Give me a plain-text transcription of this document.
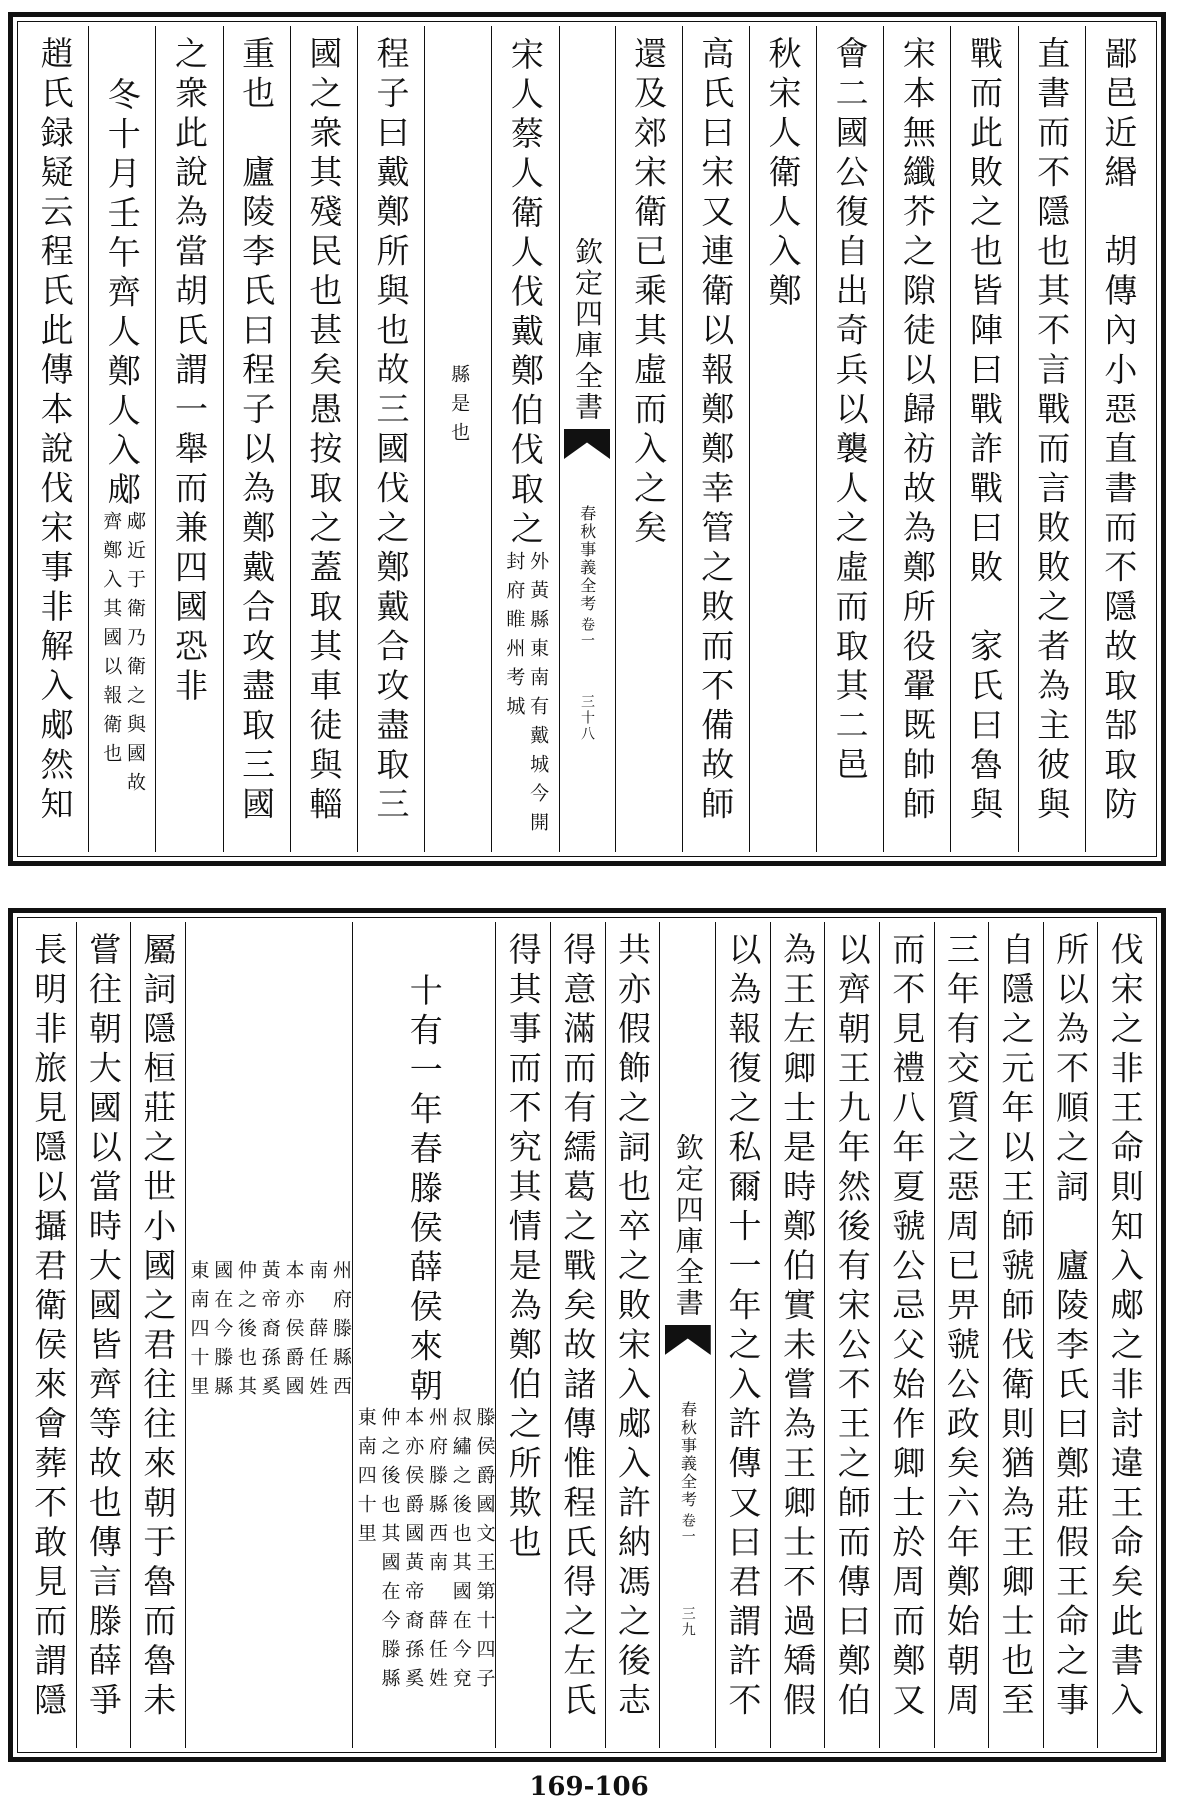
鄙邑近緡　胡傳內小惡直書而不隱故取郜取防
直書而不隱也其不言戰而言敗敗之者為主彼與
戰而此敗之也皆陣曰戰詐戰曰敗　家氏曰魯與
宋本無纖芥之隙徒以歸祊故為鄭所役翬既帥師
會二國公復自出奇兵以襲人之虛而取其二邑
秋宋人衛人入鄭
高氏曰宋又連衛以報鄭鄭幸管之敗而不備故師
還及郊宋衛已乘其虛而入之矣
欽定四庫全書
春秋事義全考
卷一
三十八
宋人蔡人衛人伐戴鄭伯伐取之
外黃縣東南有戴城今開封府睢州考城
縣是也
程子曰戴鄭所與也故三國伐之鄭戴合攻盡取三
國之衆其殘民也甚矣愚按取之蓋取其車徒與輜
重也　廬陵李氏曰程子以為鄭戴合攻盡取三國
之衆此說為當胡氏謂一舉而兼四國恐非
冬十月壬午齊人鄭人入郕
郕近于衛乃衛之與國故齊鄭入其國以報衛也
趙氏録疑云程氏此傳本說伐宋事非解入郕然知
伐宋之非王命則知入郕之非討違王命矣此書入
所以為不順之詞　廬陵李氏曰鄭莊假王命之事
自隱之元年以王師虢師伐衛則猶為王卿士也至
三年有交質之惡周已畀虢公政矣六年鄭始朝周
而不見禮八年夏虢公忌父始作卿士於周而鄭又
以齊朝王九年然後有宋公不王之師而傳曰鄭伯
為王左卿士是時鄭伯實未嘗為王卿士不過矯假
以為報復之私爾十一年之入許傳又曰君謂許不
欽定四庫全書
春秋事義全考
卷一
三九
共亦假飾之詞也卒之敗宋入郕入許納馮之後志
得意滿而有繻葛之戰矣故諸傳惟程氏得之左氏
得其事而不究其情是為鄭伯之所欺也
十有一年春滕侯薛侯來朝
滕侯爵國文王第十四子叔繡之後也其國在今兗州府滕縣西南　薛任姓本亦侯爵國黃帝裔孫奚仲之後也其國在今滕縣東南四十里
州府滕縣西南　薛任姓本亦侯爵國黃帝裔孫奚仲之後也其國在今滕縣東南四十里
屬詞隱桓莊之世小國之君往往來朝于魯而魯未
嘗往朝大國以當時大國皆齊等故也傳言滕薛爭
長明非旅見隱以攝君衛侯來會葬不敢見而謂隱
169-106
